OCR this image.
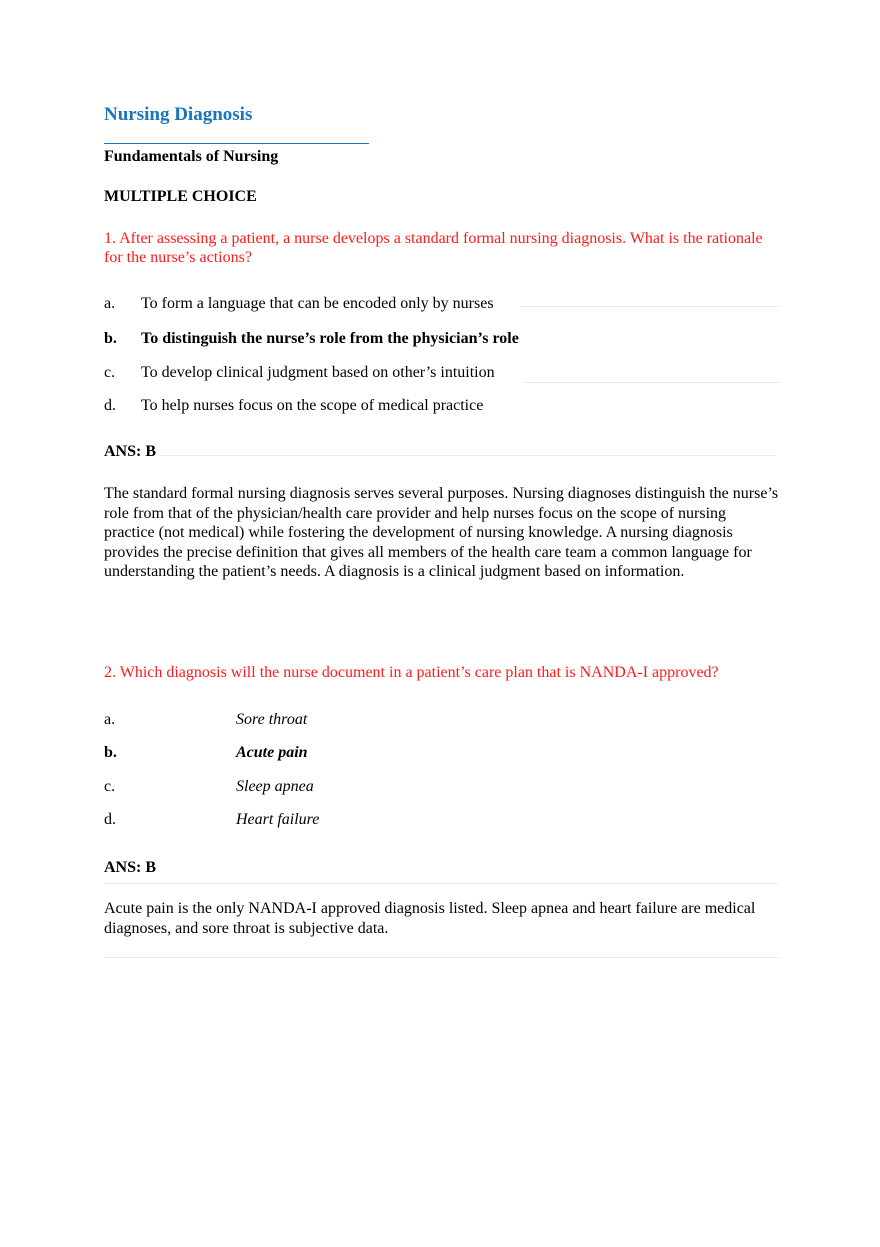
Nursing Diagnosis
Fundamentals of Nursing
MULTIPLE CHOICE
1. After assessing a patient, a nurse develops a standard formal nursing diagnosis. What is the rationale for the nurse’s actions?
a. To form a language that can be encoded only by nurses
b. To distinguish the nurse’s role from the physician’s role
c. To develop clinical judgment based on other’s intuition
d. To help nurses focus on the scope of medical practice
ANS: B
The standard formal nursing diagnosis serves several purposes. Nursing diagnoses distinguish the nurse’s role from that of the physician/health care provider and help nurses focus on the scope of nursing practice (not medical) while fostering the development of nursing knowledge. A nursing diagnosis provides the precise definition that gives all members of the health care team a common language for understanding the patient’s needs. A diagnosis is a clinical judgment based on information.
2. Which diagnosis will the nurse document in a patient’s care plan that is NANDA-I approved?
a.	Sore throat
b.	Acute pain
c.	Sleep apnea
d.	Heart failure
ANS: B
Acute pain is the only NANDA-I approved diagnosis listed. Sleep apnea and heart failure are medical diagnoses, and sore throat is subjective data.
